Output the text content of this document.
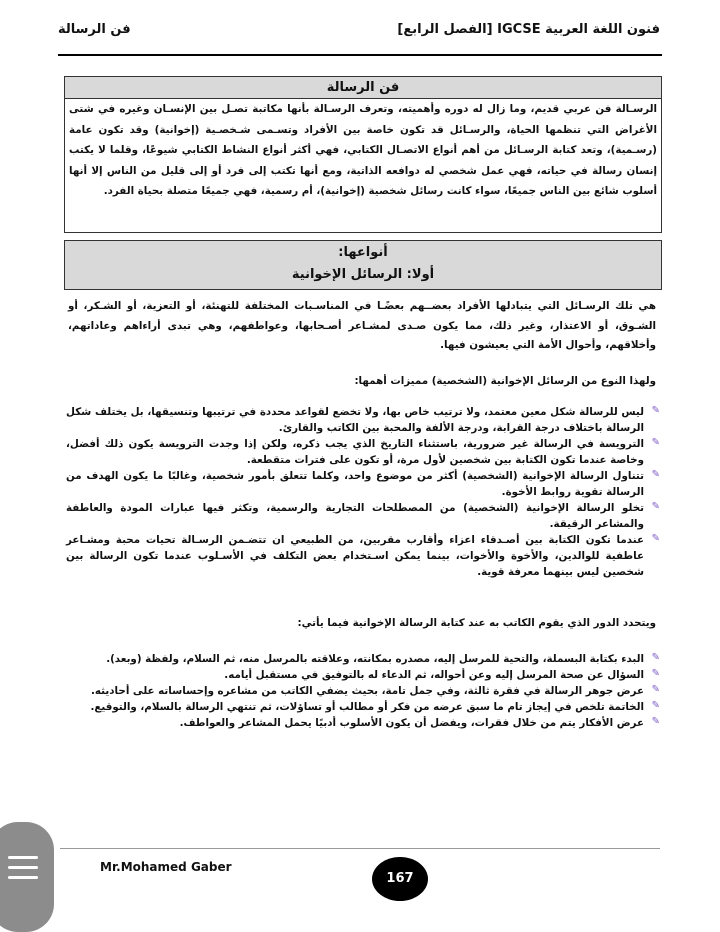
فنون اللغة العربية IGCSE [الفصل الرابع]
فن الرسالة
فن الرسالة
الرسـالة فن عربي قديم، وما زال له دوره وأهميته، وتعرف الرسـالة بأنها مكاتبة تصـل بين الإنسـان وغيره في شتى الأغراض التي تنظمها الحياة، والرسـائل قد تكون خاصة بين الأفراد وتسـمى شـخصـية (إخوانية) وقد تكون عامة (رسـمية)، وتعد كتابة الرسـائل من أهم أنواع الاتصـال الكتابي، فهي أكثر أنواع النشاط الكتابي شيوعًا، وقلما لا يكتب إنسان رسالة في حياته، فهي عمل شخصي له دوافعه الذاتية، ومع أنها تكتب إلى فرد أو إلى قليل من الناس إلا أنها أسلوب شائع بين الناس جميعًا، سواء كانت رسائل شخصية (إخوانية)، أم رسمية، فهي جميعًا متصلة بحياة الفرد.
أنواعها:
أولا: الرسائل الإخوانية
هي تلك الرسـائل التي يتبادلها الأفراد بعضــهم بعضًـا في المناسـبات المختلفة للتهنئة، أو التعزية، أو الشـكر، أو الشـوق، أو الاعتذار، وغير ذلك، مما يكون صـدى لمشـاعر أصـحابها، وعواطفهم، وهي تبدى أراءاهم وعاداتهم، وأخلاقهم، وأحوال الأمة التي يعيشون فيها.
ولهذا النوع من الرسائل الإخوانية (الشخصية) مميزات أهمها:
✎
ليس للرسالة شكل معين معتمد، ولا ترتيب خاص بها، ولا تخضع لقواعد محددة في ترتيبها وتنسيقها، بل يختلف شكل الرسالة باختلاف درجة القرابة، ودرجة الألفة والمحبة بين الكاتب والقارئ.
✎
الترويسة في الرسالة غير ضرورية، باستثناء التاريخ الذي يجب ذكره، ولكن إذا وجدت الترويسة يكون ذلك أفضل، وخاصة عندما تكون الكتابة بين شخصين لأول مرة، أو تكون على فترات متقطعة.
✎
تتناول الرسالة الإخوانية (الشخصية) أكثر من موضوع واحد، وكلما تتعلق بأمور شخصية، وغالبًا ما يكون الهدف من الرسالة تقوية روابط الأخوة.
✎
تخلو الرسالة الإخوانية (الشخصية) من المصطلحات التجارية والرسمية، وتكثر فيها عبارات المودة والعاطفة والمشاعر الرقيقة.
✎
عندما تكون الكتابة بين أصـدقاء اعزاء وأقارب مقربين، من الطبيعي ان تتضـمن الرسـالة تحيات محبة ومشـاعر عاطفية للوالدين، والأخوة والأخوات، بينما يمكن اسـتخدام بعض التكلف في الأسـلوب عندما تكون الرسالة بين شخصين ليس بينهما معرفة قوية.
ويتحدد الدور الذي يقوم الكاتب به عند كتابة الرسالة الإخوانية فيما يأتي:
✎
البدء بكتابة البسملة، والتحية للمرسل إليه، مصدره بمكانته، وعلاقته بالمرسل منه، ثم السلام، ولفظة (وبعد).
✎
السؤال عن صحة المرسل إليه وعن أحواله، ثم الدعاء له بالتوفيق في مستقبل أيامه.
✎
عرض جوهر الرسالة في فقرة ثالثة، وفي جمل تامة، بحيث يضفي الكاتب من مشاعره وإحساساته على أحاديثه.
✎
الخاتمة تلخص في إيجاز تام ما سبق عرضه من فكر أو مطالب أو تساؤلات، ثم تنتهي الرسالة بالسلام، والتوقيع.
✎
عرض الأفكار يتم من خلال فقرات، ويفضل أن يكون الأسلوب أدبيًا يحمل المشاعر والعواطف.
Mr.Mohamed Gaber
167
